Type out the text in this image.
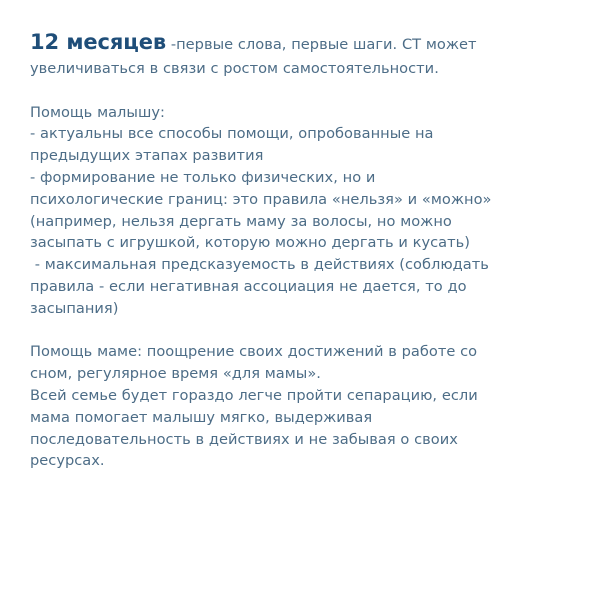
12 месяцев -первые слова, первые шаги. СТ может
увеличиваться в связи с ростом самостоятельности.

Помощь малышу:
- актуальны все способы помощи, опробованные на
предыдущих этапах развития
- формирование не только физических, но и
психологические границ: это правила «нельзя» и «можно»
(например, нельзя дергать маму за волосы, но можно
засыпать с игрушкой, которую можно дергать и кусать)
- максимальная предсказуемость в действиях (соблюдать
правила - если негативная ассоциация не дается, то до
засыпания)

Помощь маме: поощрение своих достижений в работе со
сном, регулярное время «для мамы».
Всей семье будет гораздо легче пройти сепарацию, если
мама помогает малышу мягко, выдерживая
последовательность в действиях и не забывая о своих
ресурсах.
